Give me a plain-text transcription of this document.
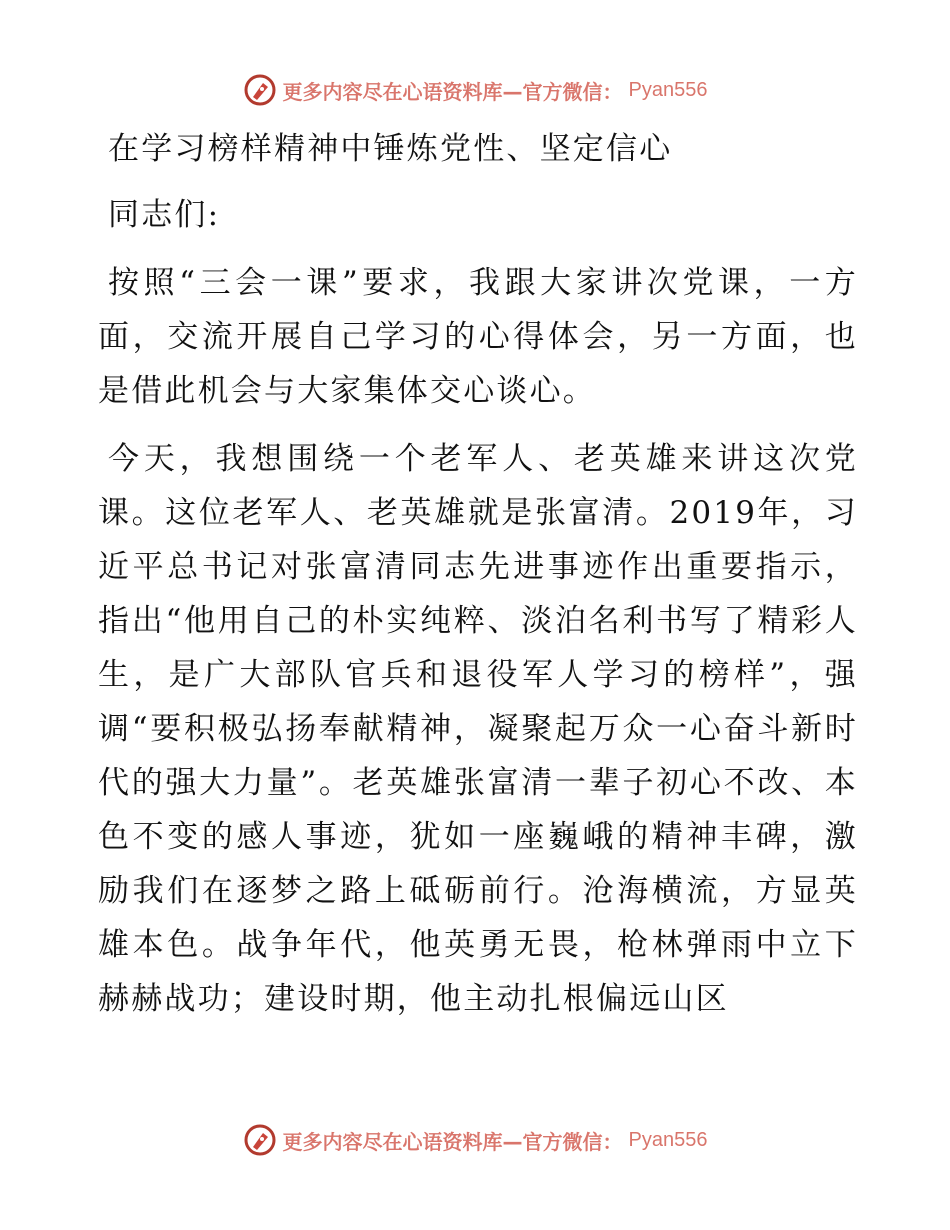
更多内容尽在心语资料库—官方微信： Pyan556

在学习榜样精神中锤炼党性、坚定信心

同志们:

按照“三会一课”要求，我跟大家讲次党课，一方面，交流开展自己学习的心得体会，另一方面，也是借此机会与大家集体交心谈心。

今天，我想围绕一个老军人、老英雄来讲这次党课。这位老军人、老英雄就是张富清。2019年，习近平总书记对张富清同志先进事迹作出重要指示，指出“他用自己的朴实纯粹、淡泊名利书写了精彩人生，是广大部队官兵和退役军人学习的榜样”，强调“要积极弘扬奉献精神，凝聚起万众一心奋斗新时代的强大力量”。老英雄张富清一辈子初心不改、本色不变的感人事迹，犹如一座巍峨的精神丰碑，激励我们在逐梦之路上砥砺前行。沧海横流，方显英雄本色。战争年代，他英勇无畏，枪林弹雨中立下赫赫战功；建设时期，他主动扎根偏远山区

更多内容尽在心语资料库—官方微信： Pyan556
